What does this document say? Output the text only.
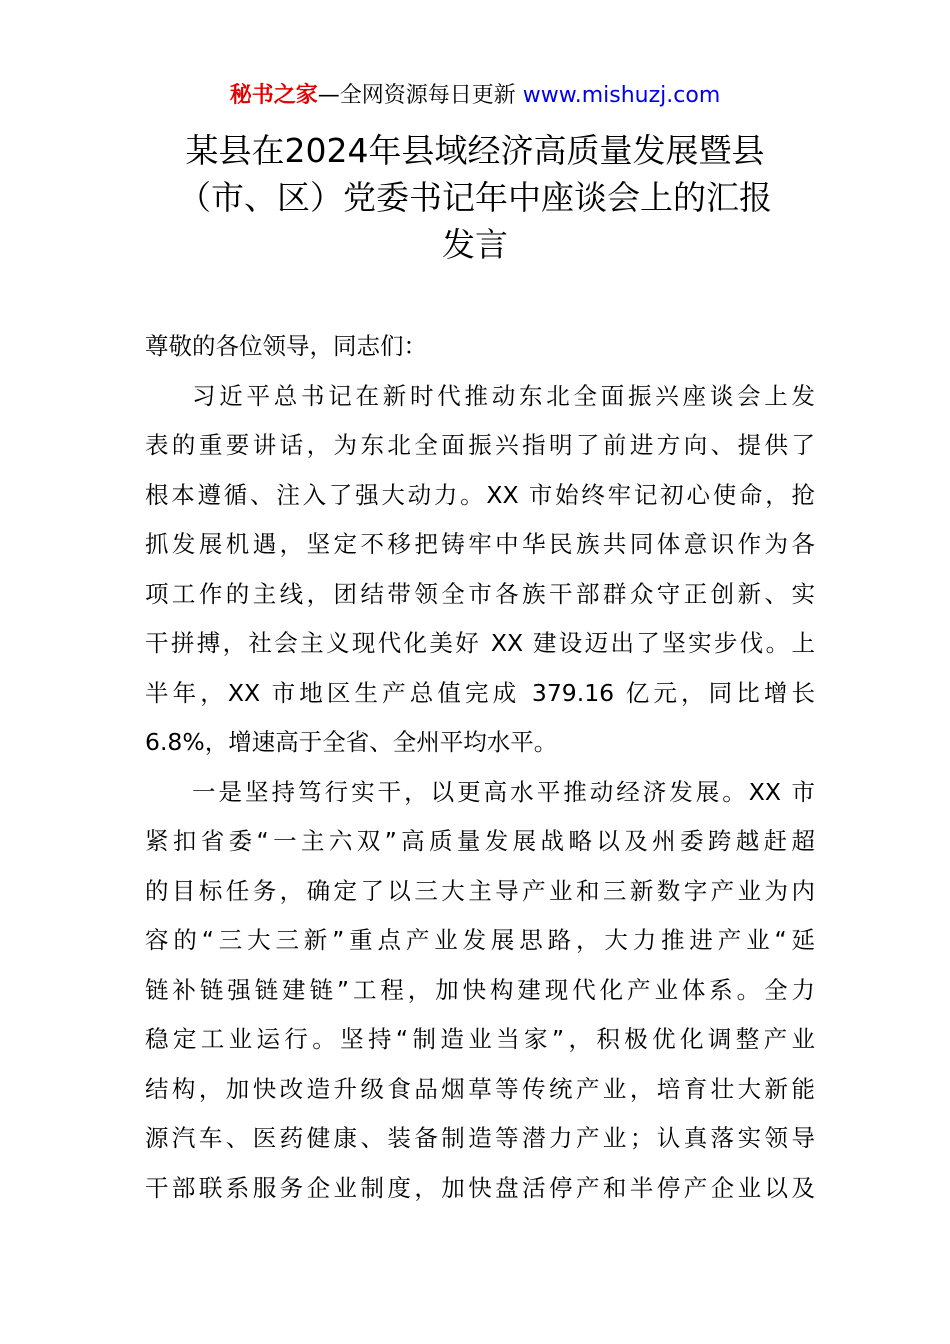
秘书之家—全网资源每日更新 www.mishuzj.com
某县在2024年县域经济高质量发展暨县
（市、区）党委书记年中座谈会上的汇报
发言
尊敬的各位领导，同志们：
习近平总书记在新时代推动东北全面振兴座谈会上发
表的重要讲话，为东北全面振兴指明了前进方向、提供了
根本遵循、注入了强大动力。XX 市始终牢记初心使命，抢
抓发展机遇，坚定不移把铸牢中华民族共同体意识作为各
项工作的主线，团结带领全市各族干部群众守正创新、实
干拼搏，社会主义现代化美好 XX 建设迈出了坚实步伐。上
半年，XX 市地区生产总值完成 379.16 亿元，同比增长
6.8%，增速高于全省、全州平均水平。
一是坚持笃行实干，以更高水平推动经济发展。XX 市
紧扣省委“一主六双”高质量发展战略以及州委跨越赶超
的目标任务，确定了以三大主导产业和三新数字产业为内
容的“三大三新”重点产业发展思路，大力推进产业“延
链补链强链建链”工程，加快构建现代化产业体系。全力
稳定工业运行。坚持“制造业当家”，积极优化调整产业
结构，加快改造升级食品烟草等传统产业，培育壮大新能
源汽车、医药健康、装备制造等潜力产业；认真落实领导
干部联系服务企业制度，加快盘活停产和半停产企业以及
